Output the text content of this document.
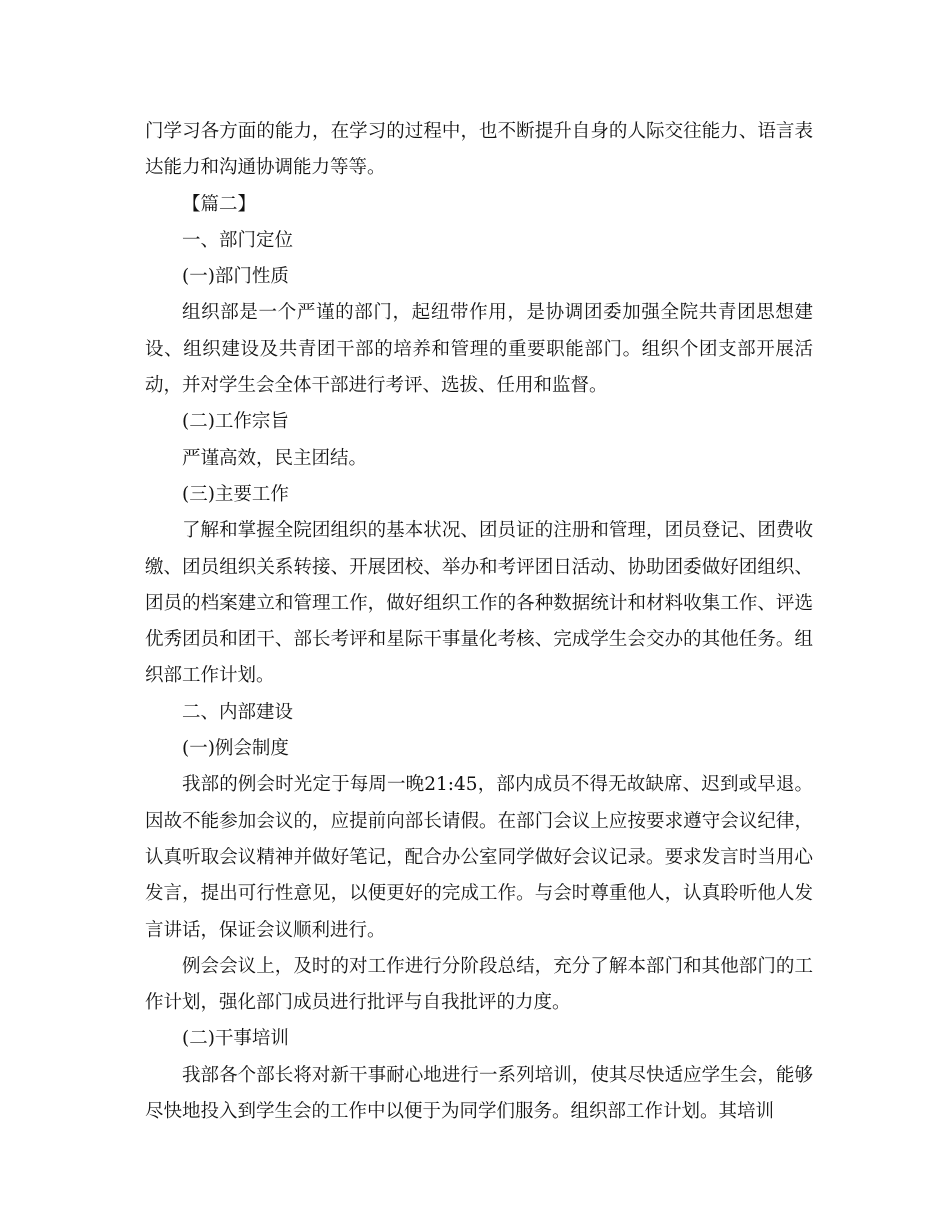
门学习各方面的能力，在学习的过程中，也不断提升自身的人际交往能力、语言表达能力和沟通协调能力等等。

【篇二】

一、部门定位

(一)部门性质

组织部是一个严谨的部门，起纽带作用，是协调团委加强全院共青团思想建设、组织建设及共青团干部的培养和管理的重要职能部门。组织个团支部开展活动，并对学生会全体干部进行考评、选拔、任用和监督。

(二)工作宗旨

严谨高效，民主团结。

(三)主要工作

了解和掌握全院团组织的基本状况、团员证的注册和管理，团员登记、团费收缴、团员组织关系转接、开展团校、举办和考评团日活动、协助团委做好团组织、团员的档案建立和管理工作，做好组织工作的各种数据统计和材料收集工作、评选优秀团员和团干、部长考评和星际干事量化考核、完成学生会交办的其他任务。组织部工作计划。

二、内部建设

(一)例会制度

我部的例会时光定于每周一晚21:45，部内成员不得无故缺席、迟到或早退。因故不能参加会议的，应提前向部长请假。在部门会议上应按要求遵守会议纪律，认真听取会议精神并做好笔记，配合办公室同学做好会议记录。要求发言时当用心发言，提出可行性意见，以便更好的完成工作。与会时尊重他人，认真聆听他人发言讲话，保证会议顺利进行。

例会会议上，及时的对工作进行分阶段总结，充分了解本部门和其他部门的工作计划，强化部门成员进行批评与自我批评的力度。

(二)干事培训

我部各个部长将对新干事耐心地进行一系列培训，使其尽快适应学生会，能够尽快地投入到学生会的工作中以便于为同学们服务。组织部工作计划。其培训
